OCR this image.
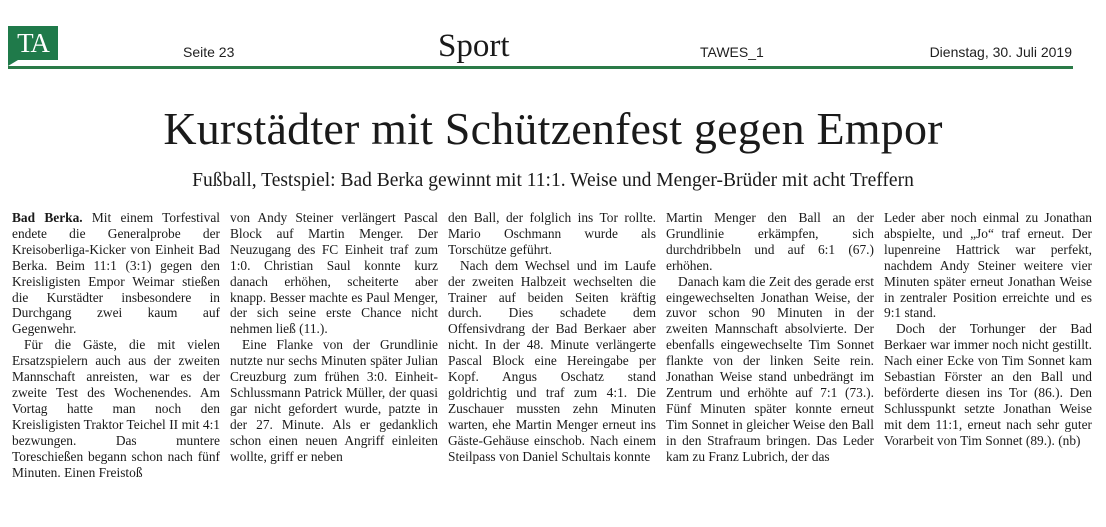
TA	Seite 23	Sport	TAWES_1	Dienstag, 30. Juli 2019
Kurstädter mit Schützenfest gegen Empor
Fußball, Testspiel: Bad Berka gewinnt mit 11:1. Weise und Menger-Brüder mit acht Treffern

Bad Berka. Mit einem Torfestival endete die Generalprobe der Kreisoberliga-Kicker von Einheit Bad Berka. Beim 11:1 (3:1) gegen den Kreisligisten Empor Weimar stießen die Kurstädter insbesondere in Durchgang zwei kaum auf Gegenwehr.

Für die Gäste, die mit vielen Ersatzspielern auch aus der zweiten Mannschaft anreisten, war es der zweite Test des Wochenendes. Am Vortag hatte man noch den Kreisligisten Traktor Teichel II mit 4:1 bezwungen. Das muntere Toreschießen begann schon nach fünf Minuten. Einen Freistoß

von Andy Steiner verlängert Pascal Block auf Martin Menger. Der Neuzugang des FC Einheit traf zum 1:0. Christian Saul konnte kurz danach erhöhen, scheiterte aber knapp. Besser machte es Paul Menger, der sich seine erste Chance nicht nehmen ließ (11.).

Eine Flanke von der Grundlinie nutzte nur sechs Minuten später Julian Creuzburg zum frühen 3:0. Einheit-Schlussmann Patrick Müller, der quasi gar nicht gefordert wurde, patzte in der 27. Minute. Als er gedanklich schon einen neuen Angriff einleiten wollte, griff er neben

den Ball, der folglich ins Tor rollte. Mario Oschmann wurde als Torschütze geführt.

Nach dem Wechsel und im Laufe der zweiten Halbzeit wechselten die Trainer auf beiden Seiten kräftig durch. Dies schadete dem Offensivdrang der Bad Berkaer aber nicht. In der 48. Minute verlängerte Pascal Block eine Hereingabe per Kopf. Angus Oschatz stand goldrichtig und traf zum 4:1. Die Zuschauer mussten zehn Minuten warten, ehe Martin Menger erneut ins Gäste-Gehäuse einschob. Nach einem Steilpass von Daniel Schultais konnte

Martin Menger den Ball an der Grundlinie erkämpfen, sich durchdribbeln und auf 6:1 (67.) erhöhen.

Danach kam die Zeit des gerade erst eingewechselten Jonathan Weise, der zuvor schon 90 Minuten in der zweiten Mannschaft absolvierte. Der ebenfalls eingewechselte Tim Sonnet flankte von der linken Seite rein. Jonathan Weise stand unbedrängt im Zentrum und erhöhte auf 7:1 (73.). Fünf Minuten später konnte erneut Tim Sonnet in gleicher Weise den Ball in den Strafraum bringen. Das Leder kam zu Franz Lubrich, der das

Leder aber noch einmal zu Jonathan abspielte, und „Jo“ traf erneut. Der lupenreine Hattrick war perfekt, nachdem Andy Steiner weitere vier Minuten später erneut Jonathan Weise in zentraler Position erreichte und es 9:1 stand.

Doch der Torhunger der Bad Berkaer war immer noch nicht gestillt. Nach einer Ecke von Tim Sonnet kam Sebastian Förster an den Ball und beförderte diesen ins Tor (86.). Den Schlusspunkt setzte Jonathan Weise mit dem 11:1, erneut nach sehr guter Vorarbeit von Tim Sonnet (89.). (nb)
